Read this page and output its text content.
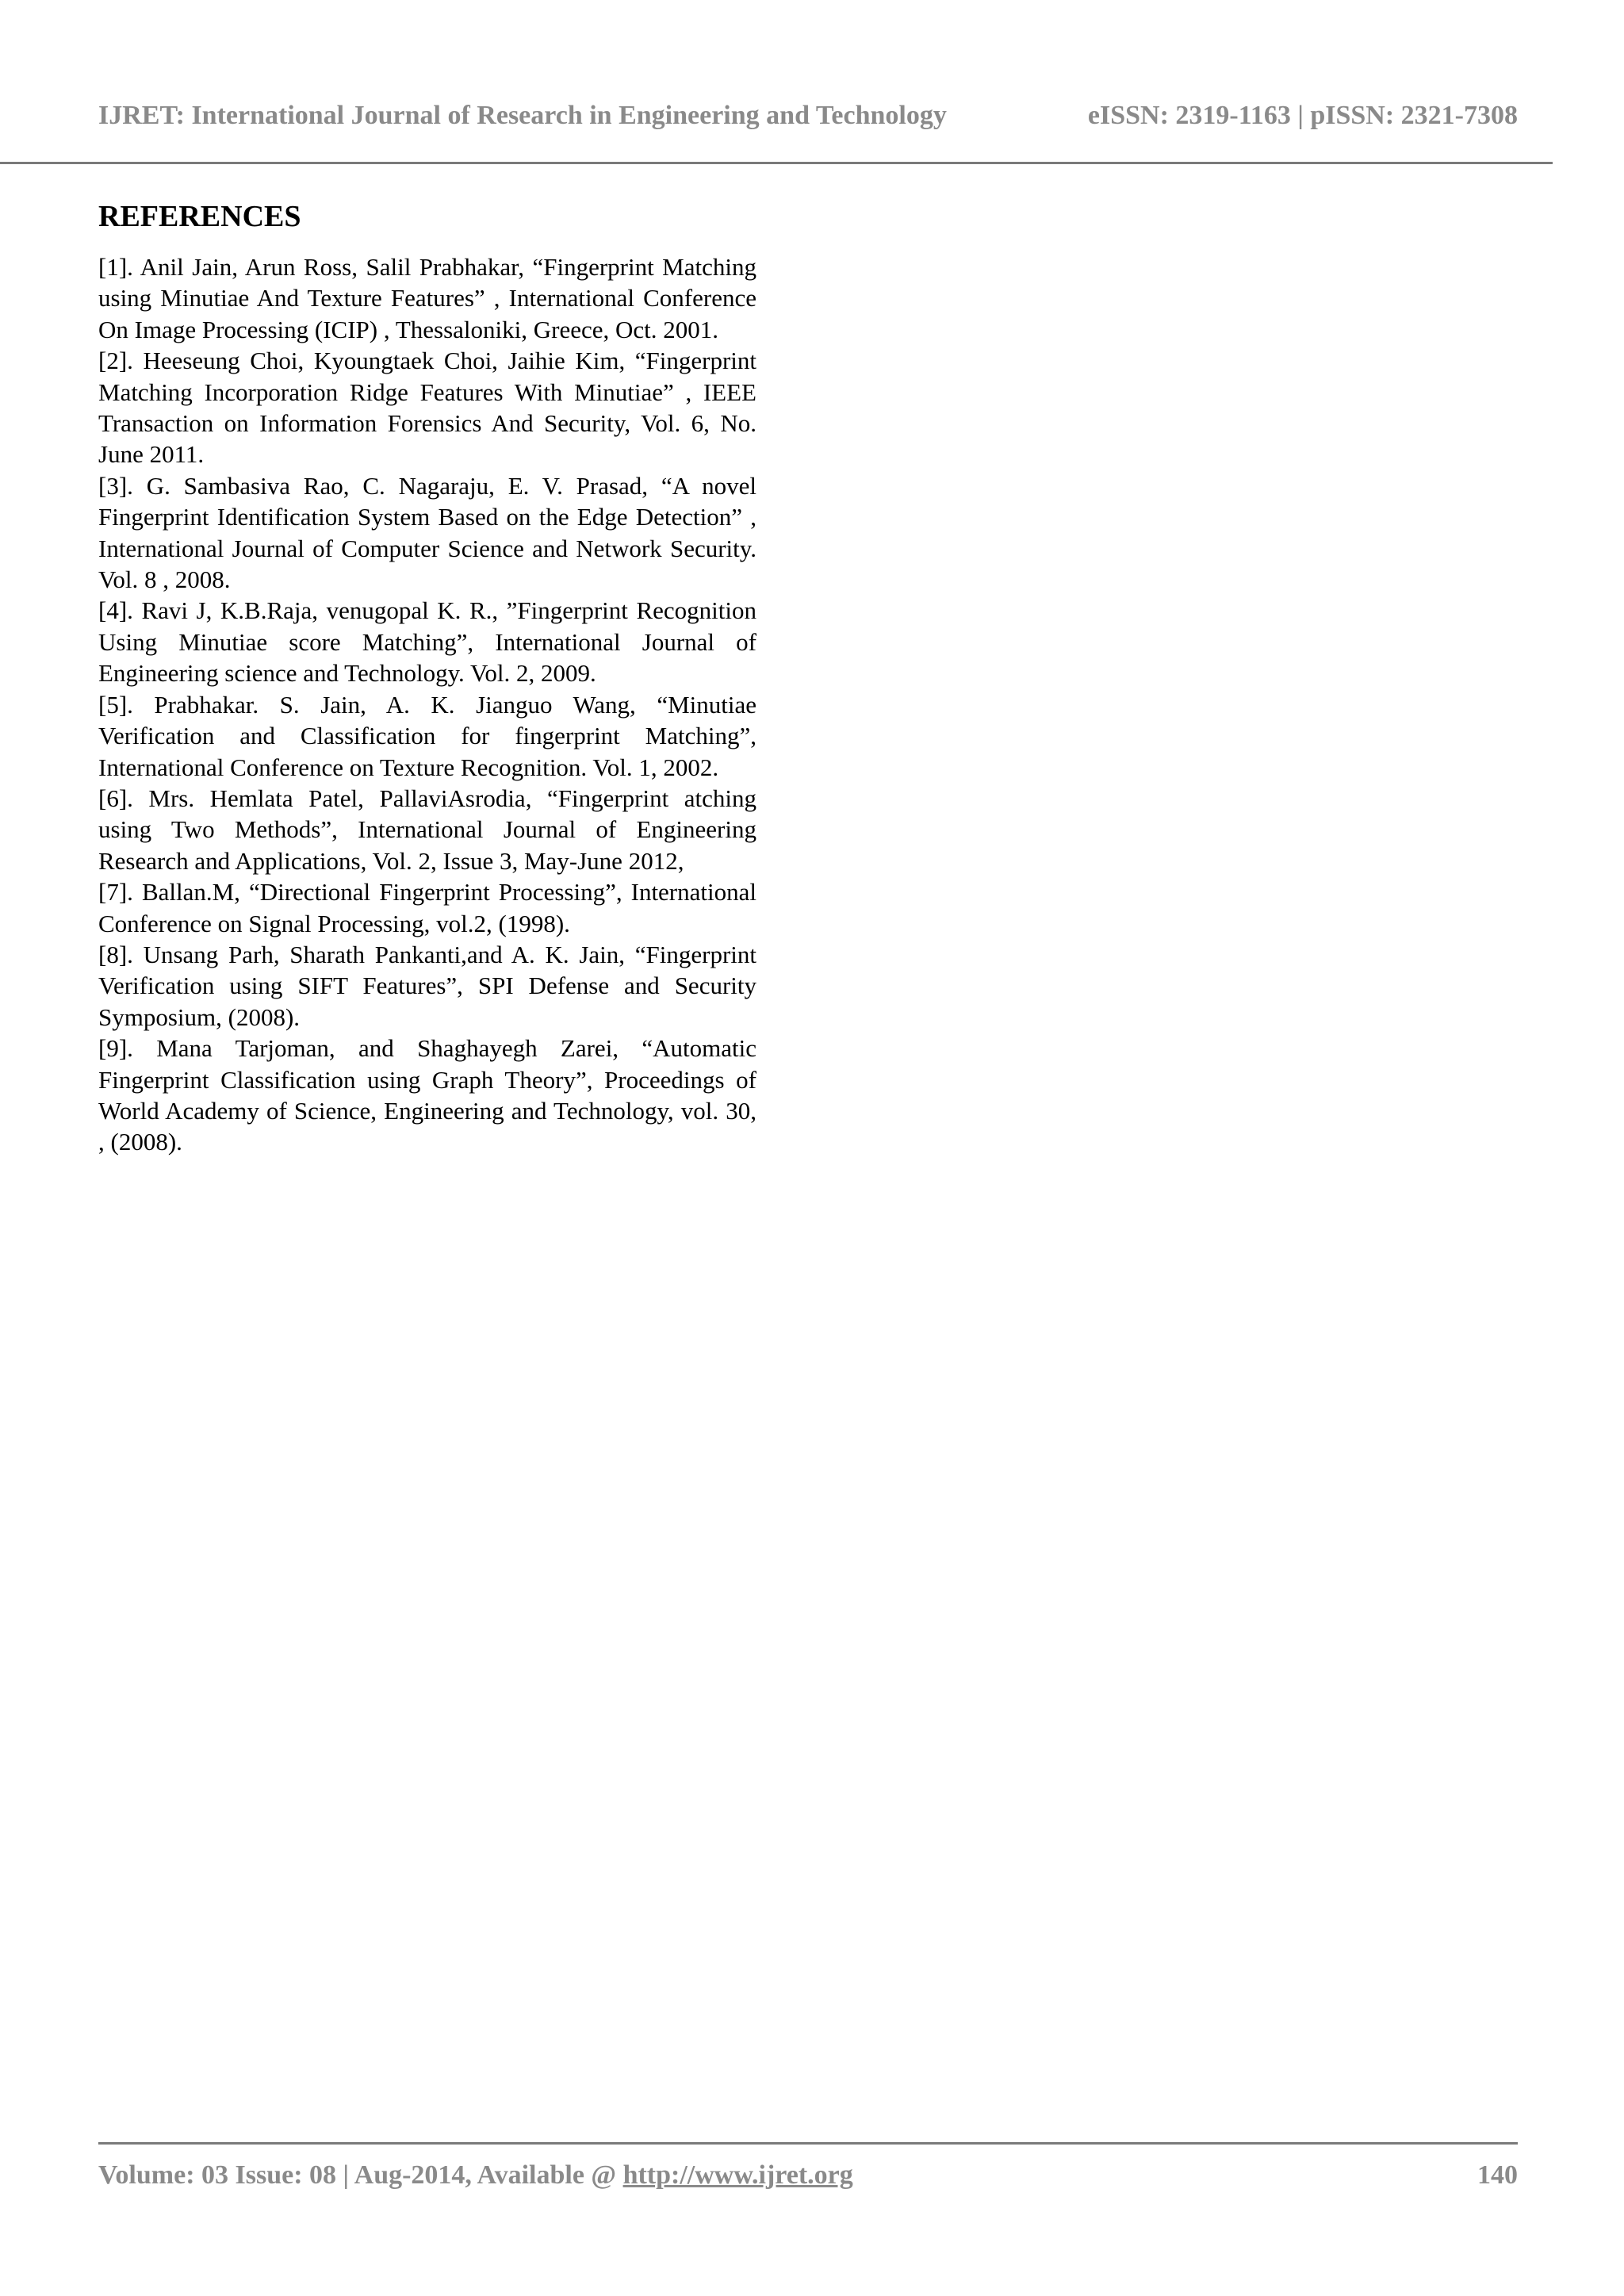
IJRET: International Journal of Research in Engineering and Technology	eISSN: 2319-1163 | pISSN: 2321-7308
REFERENCES

[1]. Anil Jain, Arun Ross, Salil Prabhakar, “Fingerprint Matching using Minutiae And Texture Features” , International Conference On Image Processing (ICIP) , Thessaloniki, Greece, Oct. 2001.

[2]. Heeseung Choi, Kyoungtaek Choi, Jaihie Kim, “Fingerprint Matching Incorporation Ridge Features With Minutiae” , IEEE Transaction on Information Forensics And Security, Vol. 6, No. June 2011.

[3]. G. Sambasiva Rao, C. Nagaraju, E. V. Prasad, “A novel Fingerprint Identification System Based on the Edge Detection” , International Journal of Computer Science and Network Security. Vol. 8 , 2008.

[4]. Ravi J, K.B.Raja, venugopal K. R., ”Fingerprint Recognition Using Minutiae score Matching”, International Journal of Engineering science and Technology. Vol. 2, 2009.

[5]. Prabhakar. S. Jain, A. K. Jianguo Wang, “Minutiae Verification and Classification for fingerprint Matching”, International Conference on Texture Recognition. Vol. 1, 2002.

[6]. Mrs. Hemlata Patel, PallaviAsrodia, “Fingerprint atching using Two Methods”, International Journal of Engineering Research and Applications, Vol. 2, Issue 3, May-June 2012,

[7]. Ballan.M, “Directional Fingerprint Processing”, International Conference on Signal Processing, vol.2, (1998).

[8]. Unsang Parh, Sharath Pankanti,and A. K. Jain, “Fingerprint Verification using SIFT Features”, SPI Defense and Security Symposium, (2008).

[9]. Mana Tarjoman, and Shaghayegh Zarei, “Automatic Fingerprint Classification using Graph Theory”, Proceedings of World Academy of Science, Engineering and Technology, vol. 30, , (2008).

Volume: 03 Issue: 08 | Aug-2014, Available @ http://www.ijret.org	140
